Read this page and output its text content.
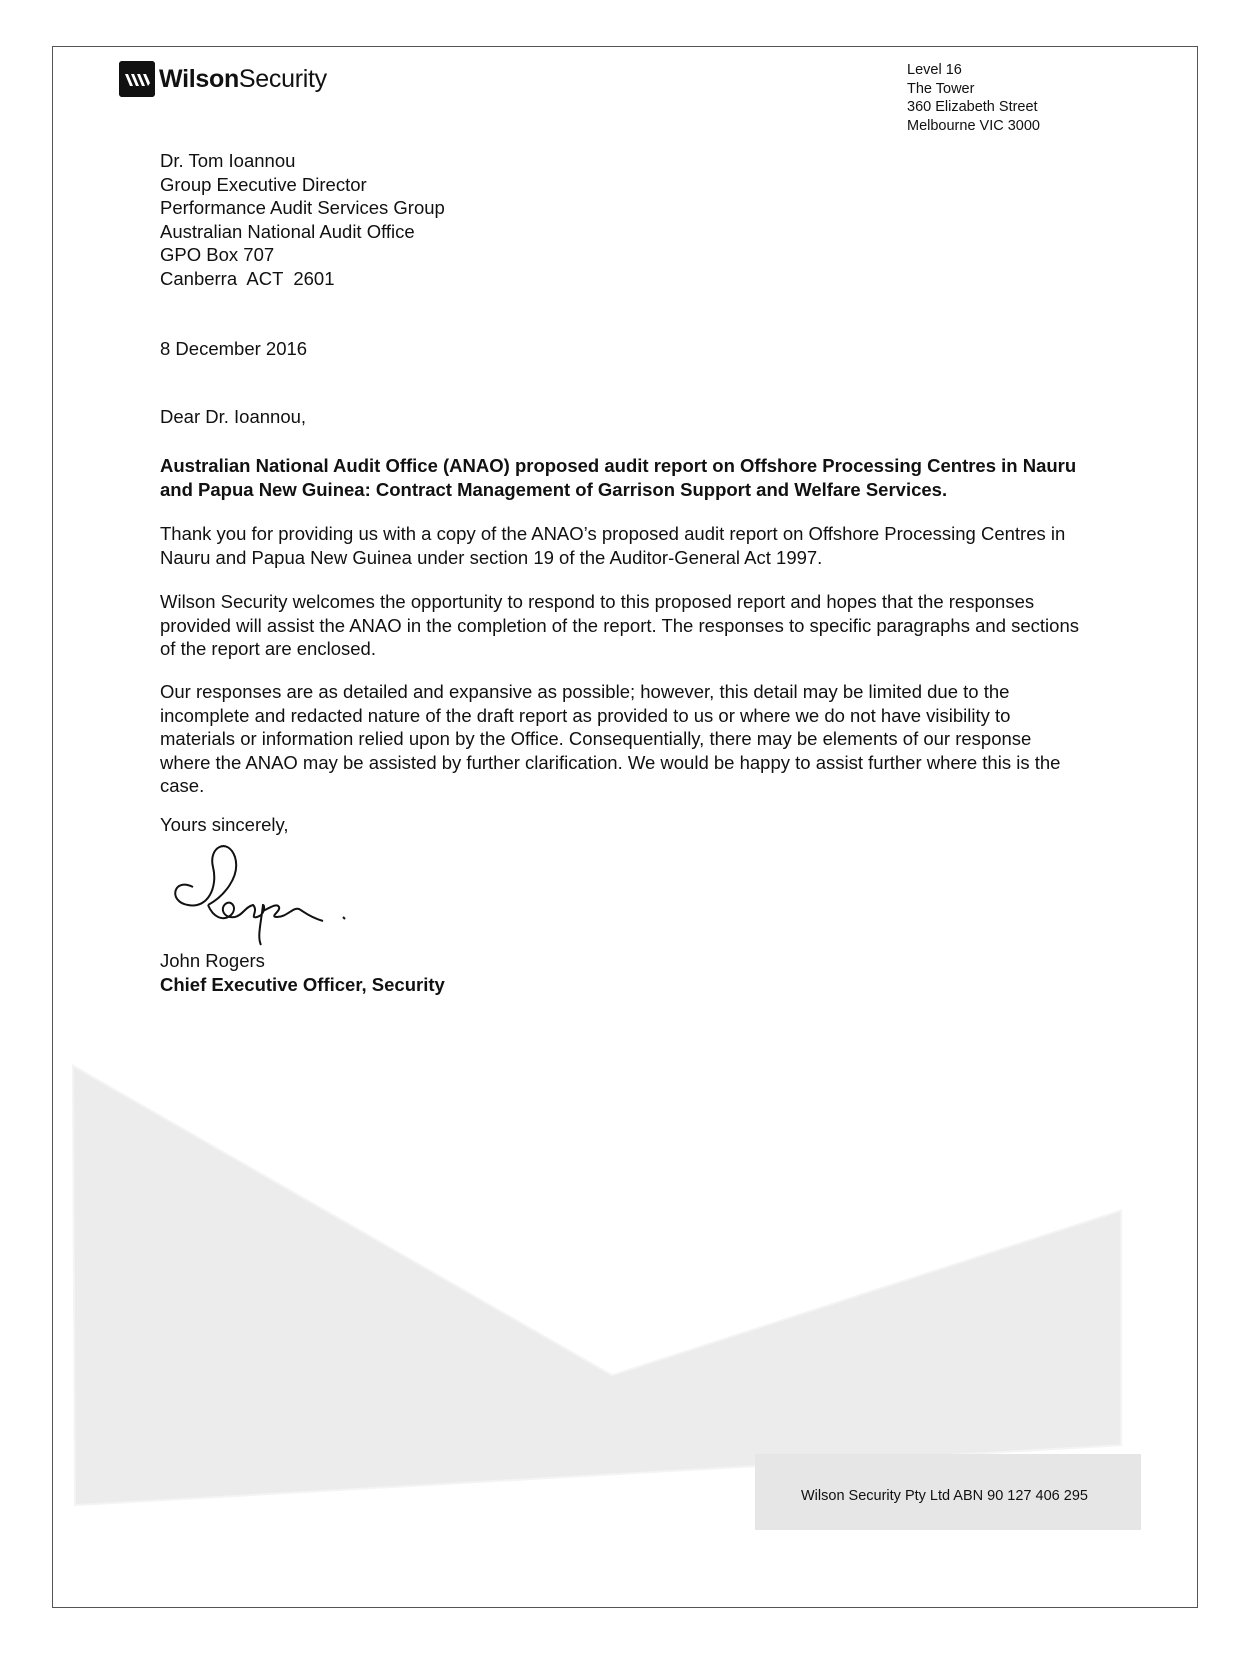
WilsonSecurity	Level 16
The Tower
360 Elizabeth Street
Melbourne VIC 3000
Dr. Tom Ioannou
Group Executive Director
Performance Audit Services Group
Australian National Audit Office
GPO Box 707
Canberra  ACT  2601
8 December 2016
Dear Dr. Ioannou,
Australian National Audit Office (ANAO) proposed audit report on Offshore Processing Centres in Nauru and Papua New Guinea: Contract Management of Garrison Support and Welfare Services.
Thank you for providing us with a copy of the ANAO’s proposed audit report on Offshore Processing Centres in Nauru and Papua New Guinea under section 19 of the Auditor-General Act 1997.
Wilson Security welcomes the opportunity to respond to this proposed report and hopes that the responses provided will assist the ANAO in the completion of the report. The responses to specific paragraphs and sections of the report are enclosed.
Our responses are as detailed and expansive as possible; however, this detail may be limited due to the incomplete and redacted nature of the draft report as provided to us or where we do not have visibility to materials or information relied upon by the Office. Consequentially, there may be elements of our response where the ANAO may be assisted by further clarification. We would be happy to assist further where this is the case.
Yours sincerely,
John Rogers
Chief Executive Officer, Security
Wilson Security Pty Ltd ABN 90 127 406 295
